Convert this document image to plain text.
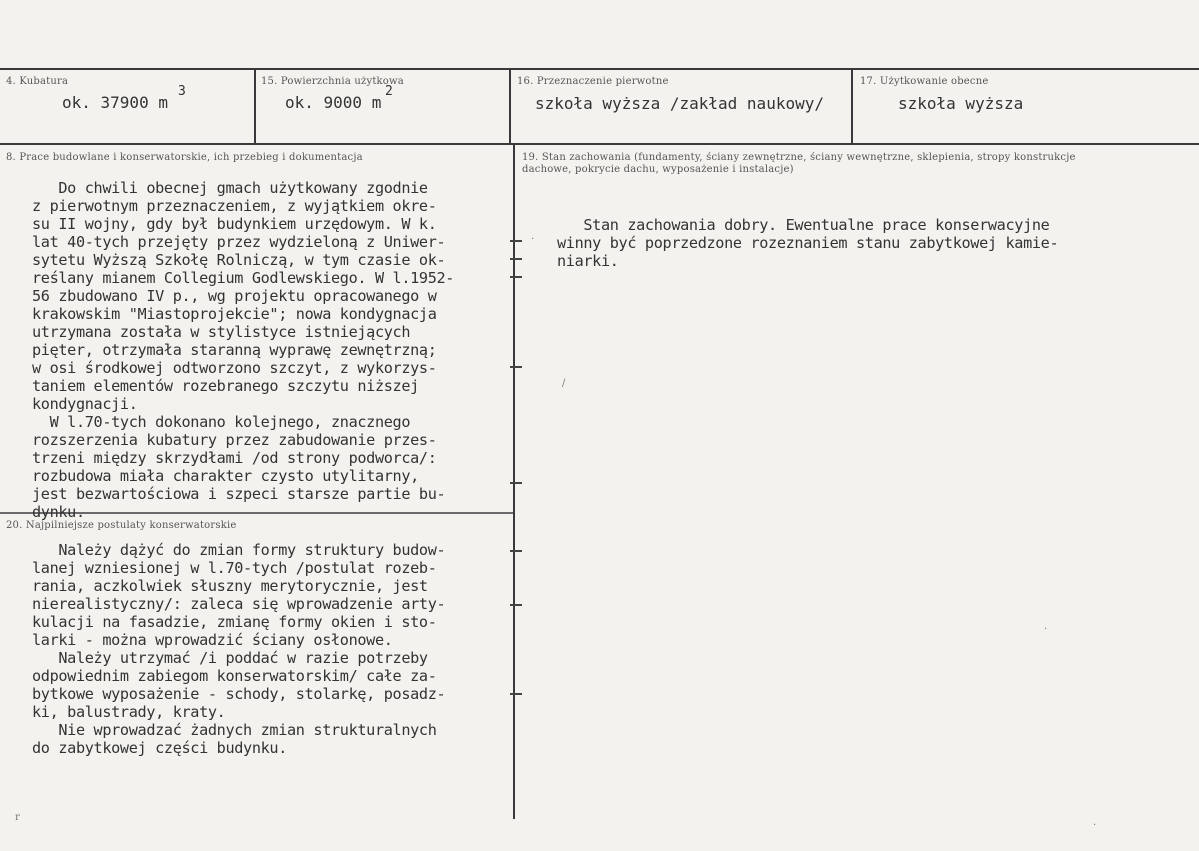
4. Kubatura
ok. 37900 m
3
15. Powierzchnia użytkowa
ok. 9000 m
2
16. Przeznaczenie pierwotne
szkoła wyższa /zakład naukowy/
17. Użytkowanie obecne
szkoła wyższa
8. Prace budowlane i konserwatorskie, ich przebieg i dokumentacja
Do chwili obecnej gmach użytkowany zgodnie
z pierwotnym przeznaczeniem, z wyjątkiem okre-
su II wojny, gdy był budynkiem urzędowym. W k.
lat 40-tych przejęty przez wydzieloną z Uniwer-
sytetu Wyższą Szkołę Rolniczą, w tym czasie ok-
reślany mianem Collegium Godlewskiego. W l.1952-
56 zbudowano IV p., wg projektu opracowanego w
krakowskim "Miastoprojekcie"; nowa kondygnacja
utrzymana została w stylistyce istniejących
pięter, otrzymała staranną wyprawę zewnętrzną;
w osi środkowej odtworzono szczyt, z wykorzys-
taniem elementów rozebranego szczytu niższej
kondygnacji.
W l.70-tych dokonano kolejnego, znacznego
rozszerzenia kubatury przez zabudowanie przes-
trzeni między skrzydłami /od strony podworca/:
rozbudowa miała charakter czysto utylitarny,
jest bezwartościowa i szpeci starsze partie bu-
dynku.
19. Stan zachowania (fundamenty, ściany zewnętrzne, ściany wewnętrzne, sklepienia, stropy konstrukcje dachowe, pokrycie dachu, wyposażenie i instalacje)
Stan zachowania dobry. Ewentualne prace konserwacyjne
winny być poprzedzone rozeznaniem stanu zabytkowej kamie-
niarki.
20. Najpilniejsze postulaty konserwatorskie
Należy dążyć do zmian formy struktury budow-
lanej wzniesionej w l.70-tych /postulat rozeb-
rania, aczkolwiek słuszny merytorycznie, jest
nierealistyczny/: zaleca się wprowadzenie arty-
kulacji na fasadzie, zmianę formy okien i sto-
larki - można wprowadzić ściany osłonowe.
Należy utrzymać /i poddać w razie potrzeby
odpowiednim zabiegom konserwatorskim/ całe za-
bytkowe wyposażenie - schody, stolarkę, posadz-
ki, balustrady, kraty.
Nie wprowadzać żadnych zmian strukturalnych
do zabytkowej części budynku.
·
/
·
r
·
